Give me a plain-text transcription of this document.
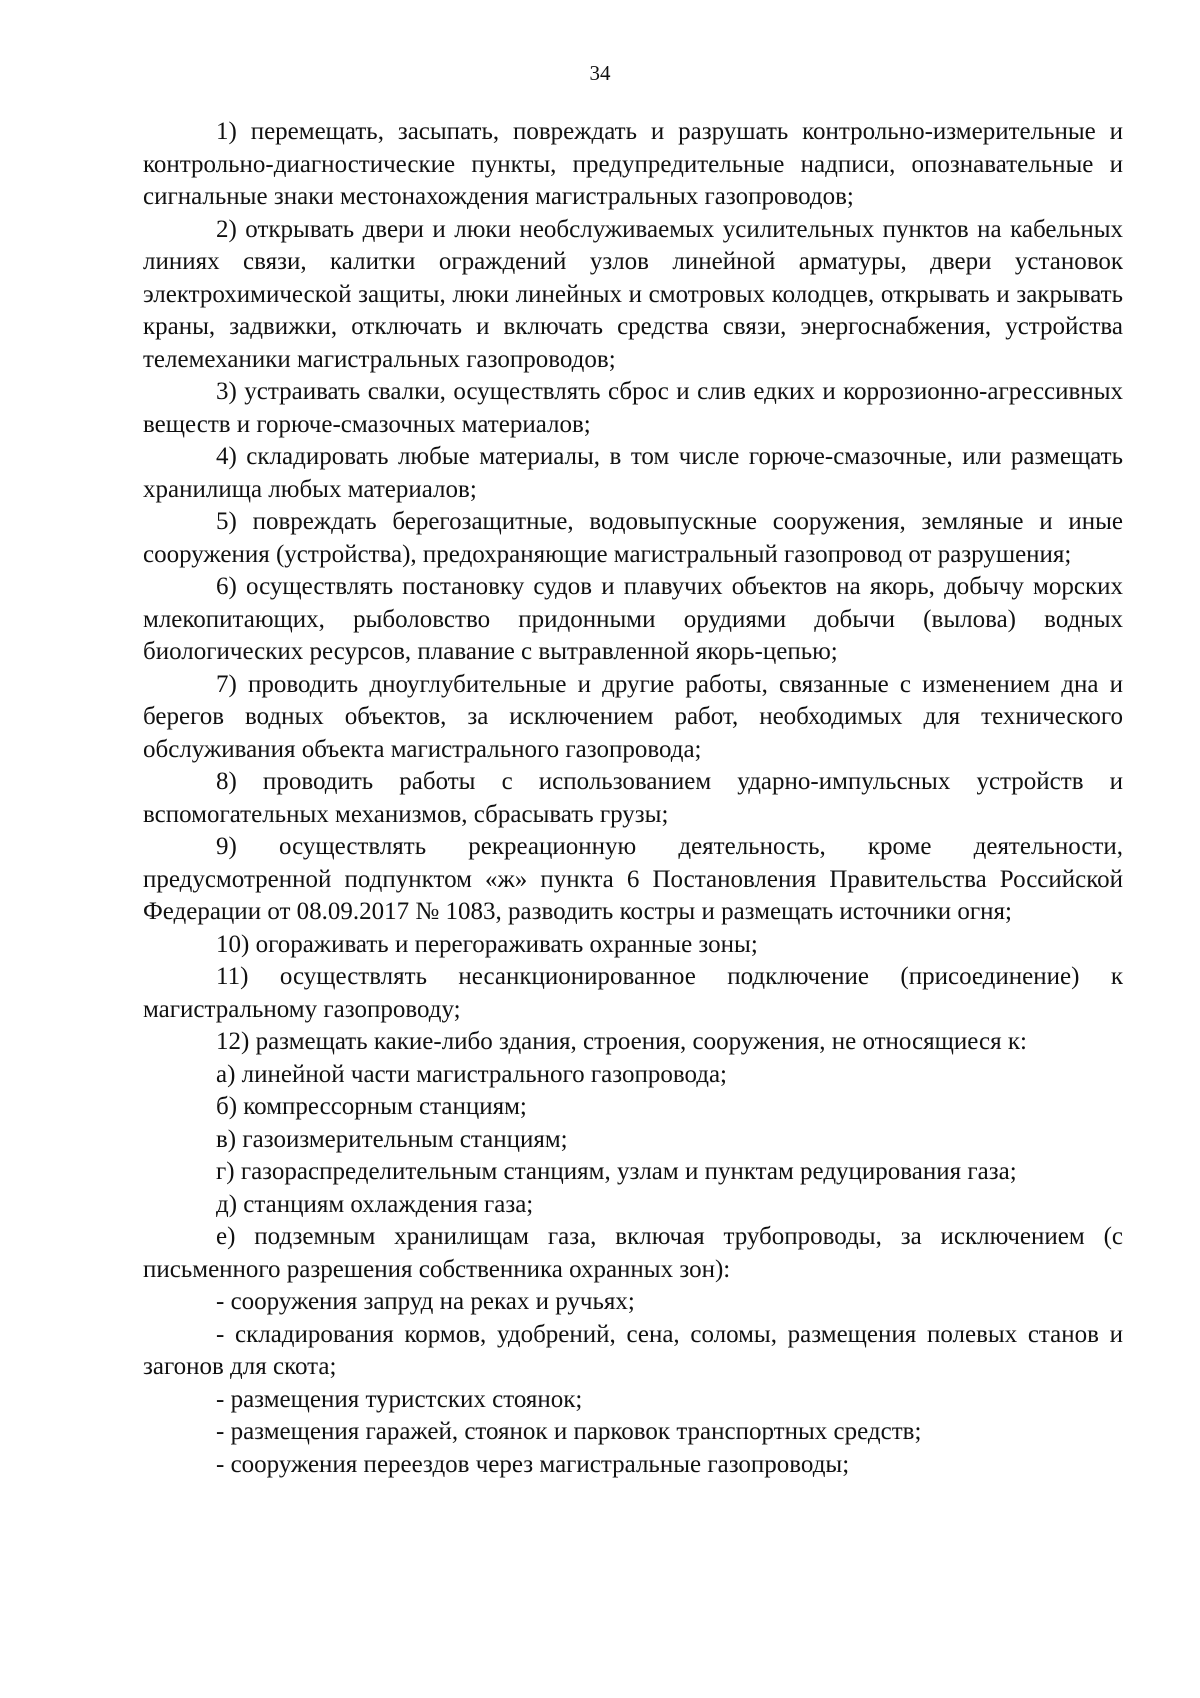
34

1) перемещать, засыпать, повреждать и разрушать контрольно-измерительные и контрольно-диагностические пункты, предупредительные надписи, опознавательные и сигнальные знаки местонахождения магистральных газопроводов;

2) открывать двери и люки необслуживаемых усилительных пунктов на кабельных линиях связи, калитки ограждений узлов линейной арматуры, двери установок электрохимической защиты, люки линейных и смотровых колодцев, открывать и закрывать краны, задвижки, отключать и включать средства связи, энергоснабжения, устройства телемеханики магистральных газопроводов;

3) устраивать свалки, осуществлять сброс и слив едких и коррозионно-агрессивных веществ и горюче-смазочных материалов;

4) складировать любые материалы, в том числе горюче-смазочные, или размещать хранилища любых материалов;

5) повреждать берегозащитные, водовыпускные сооружения, земляные и иные сооружения (устройства), предохраняющие магистральный газопровод от разрушения;

6) осуществлять постановку судов и плавучих объектов на якорь, добычу морских млекопитающих, рыболовство придонными орудиями добычи (вылова) водных биологических ресурсов, плавание с вытравленной якорь-цепью;

7) проводить дноуглубительные и другие работы, связанные с изменением дна и берегов водных объектов, за исключением работ, необходимых для технического обслуживания объекта магистрального газопровода;

8) проводить работы с использованием ударно-импульсных устройств и вспомогательных механизмов, сбрасывать грузы;

9) осуществлять рекреационную деятельность, кроме деятельности, предусмотренной подпунктом «ж» пункта 6 Постановления Правительства Российской Федерации от 08.09.2017 № 1083, разводить костры и размещать источники огня;

10) огораживать и перегораживать охранные зоны;

11) осуществлять несанкционированное подключение (присоединение) к магистральному газопроводу;

12) размещать какие-либо здания, строения, сооружения, не относящиеся к:

а) линейной части магистрального газопровода;

б) компрессорным станциям;

в) газоизмерительным станциям;

г) газораспределительным станциям, узлам и пунктам редуцирования газа;

д) станциям охлаждения газа;

е) подземным хранилищам газа, включая трубопроводы, за исключением (с письменного разрешения собственника охранных зон):

- сооружения запруд на реках и ручьях;

- складирования кормов, удобрений, сена, соломы, размещения полевых станов и загонов для скота;

- размещения туристских стоянок;

- размещения гаражей, стоянок и парковок транспортных средств;

- сооружения переездов через магистральные газопроводы;
